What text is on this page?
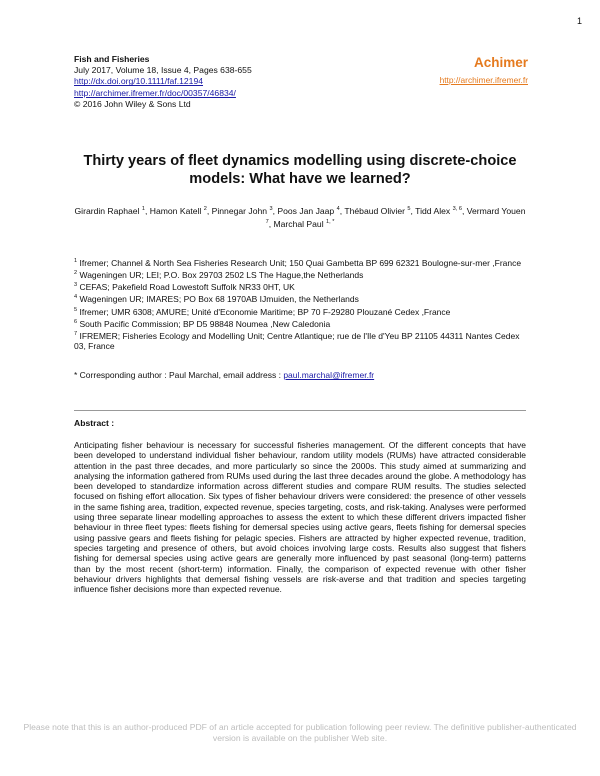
1
Fish and Fisheries
July 2017, Volume 18, Issue 4, Pages 638-655
http://dx.doi.org/10.1111/faf.12194
http://archimer.ifremer.fr/doc/00357/46834/
© 2016 John Wiley & Sons Ltd
Achimer
http://archimer.ifremer.fr
Thirty years of fleet dynamics modelling using discrete-choice models: What have we learned?
Girardin Raphael $^1$, Hamon Katell $^2$, Pinnegar John $^3$, Poos Jan Jaap $^4$, Thébaud Olivier $^5$, Tidd Alex $^{3, 6}$, Vermard Youen $^7$, Marchal Paul $^{1, *}$
$^1$ Ifremer; Channel & North Sea Fisheries Research Unit; 150 Quai Gambetta BP 699 62321 Boulogne-sur-mer ,France
$^2$ Wageningen UR; LEI; P.O. Box 29703 2502 LS The Hague,the Netherlands
$^3$ CEFAS; Pakefield Road Lowestoft Suffolk NR33 0HT, UK
$^4$ Wageningen UR; IMARES; PO Box 68 1970AB IJmuiden, the Netherlands
$^5$ Ifremer; UMR 6308; AMURE; Unité d'Economie Maritime; BP 70 F-29280 Plouzané Cedex ,France
$^6$ South Pacific Commission; BP D5 98848 Noumea ,New Caledonia
$^7$ IFREMER; Fisheries Ecology and Modelling Unit; Centre Atlantique; rue de l'Ile d'Yeu BP 21105 44311 Nantes Cedex 03, France
* Corresponding author : Paul Marchal, email address : paul.marchal@ifremer.fr
Abstract :

Anticipating fisher behaviour is necessary for successful fisheries management. Of the different concepts that have been developed to understand individual fisher behaviour, random utility models (RUMs) have attracted considerable attention in the past three decades, and more particularly so since the 2000s. This study aimed at summarizing and analysing the information gathered from RUMs used during the last three decades around the globe. A methodology has been developed to standardize information across different studies and compare RUM results. The studies selected focused on fishing effort allocation. Six types of fisher behaviour drivers were considered: the presence of other vessels in the same fishing area, tradition, expected revenue, species targeting, costs, and risk-taking. Analyses were performed using three separate linear modelling approaches to assess the extent to which these different drivers impacted fisher behaviour in three fleet types: fleets fishing for demersal species using active gears, fleets fishing for demersal species using passive gears and fleets fishing for pelagic species. Fishers are attracted by higher expected revenue, tradition, species targeting and presence of others, but avoid choices involving large costs. Results also suggest that fishers fishing for demersal species using active gears are generally more influenced by past seasonal (long-term) patterns than by the most recent (short-term) information. Finally, the comparison of expected revenue with other fisher behaviour drivers highlights that demersal fishing vessels are risk-averse and that tradition and species targeting influence fisher decisions more than expected revenue.

Please note that this is an author-produced PDF of an article accepted for publication following peer review. The definitive publisher-authenticated version is available on the publisher Web site.
